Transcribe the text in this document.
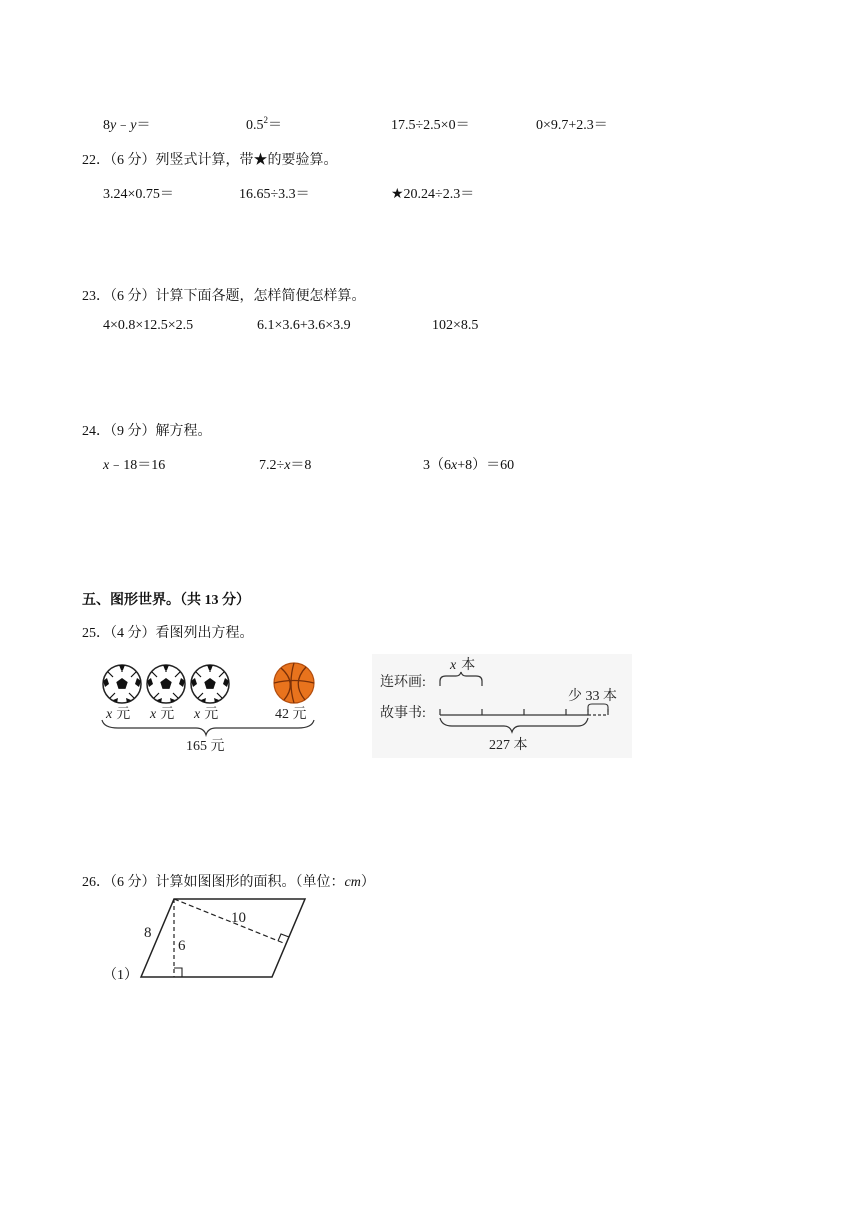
8y﹣y＝	$0.5^2=$	17.5÷2.5×0＝	0×9.7+2.3＝
22．（6 分）列竖式计算，带★的要验算。
3.24×0.75＝	16.65÷3.3＝	★20.24÷2.3＝
23．（6 分）计算下面各题，怎样简便怎样算。
4×0.8×12.5×2.5	6.1×3.6+3.6×3.9	102×8.5
24．（9 分）解方程。
x﹣18＝16	7.2÷x＝8	3（6x+8）＝60
五、图形世界。（共 13 分）
25．（4 分）看图列出方程。
x 元 x 元 x 元	42 元
165 元
连环画:
x 本
故事书:
少 33 本
227 本
26．（6 分）计算如图图形的面积。（单位：cm）
（1）
8
6
10
